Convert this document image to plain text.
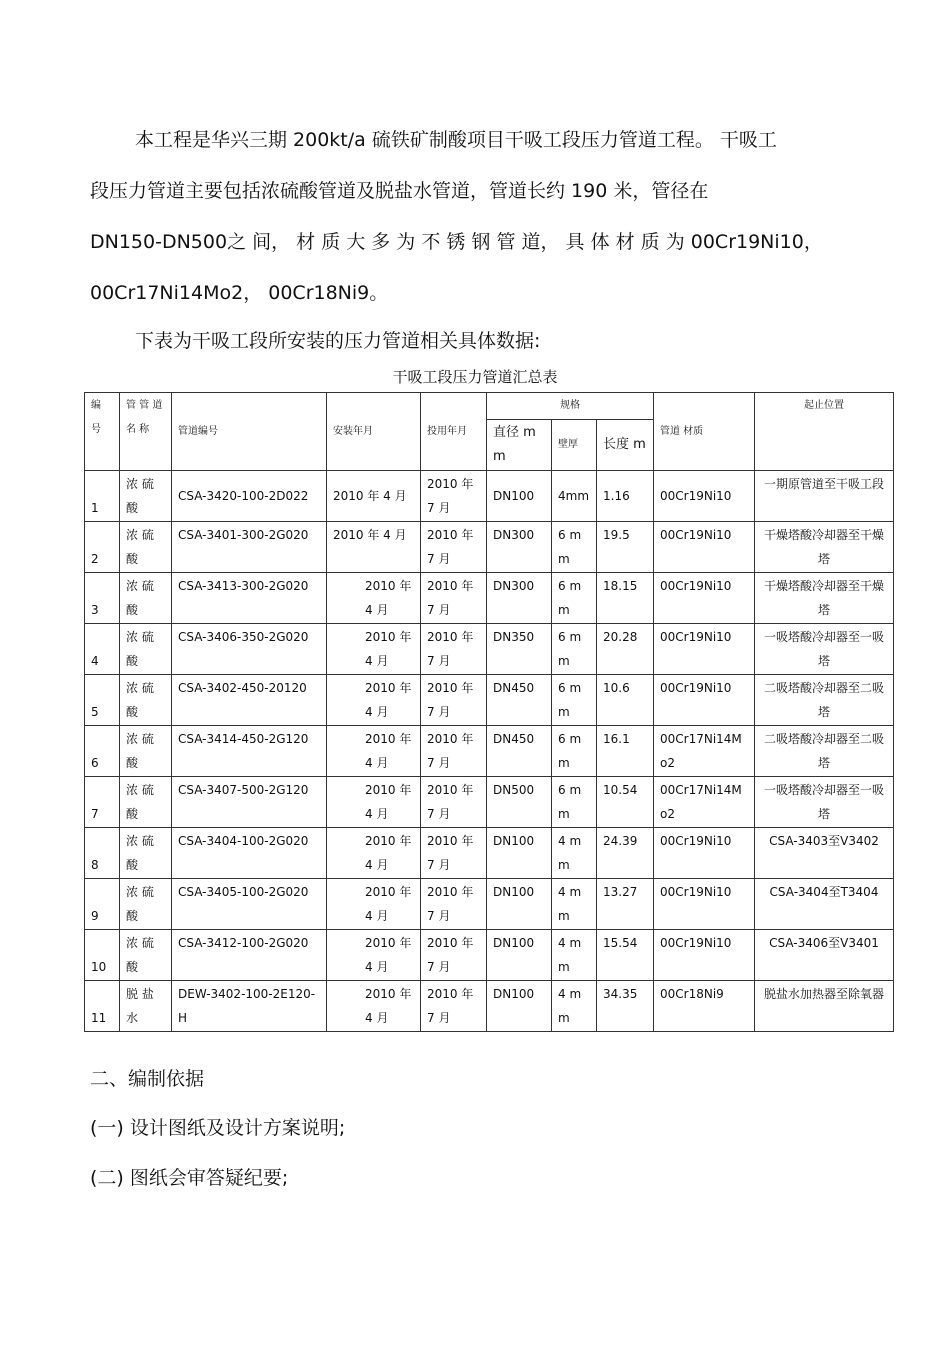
本工程是华兴三期 200kt/a 硫铁矿制酸项目干吸工段压力管道工程。 干吸工
段压力管道主要包括浓硫酸管道及脱盐水管道，管道长约 190 米，管径在
DN150-DN500之 间， 材 质 大 多 为 不 锈 钢 管 道， 具 体 材 质 为 00Cr19Ni10，
00Cr17Ni14Mo2， 00Cr18Ni9。

下表为干吸工段所安装的压力管道相关具体数据:

干吸工段压力管道汇总表

编 号	管 管 道 名 称	管道编号	安装年月	投用年月	规格			管道 材质	起止位置
					直径 mm	壁厚	长度 m		
1	浓 硫 酸	CSA-3420-100-2D022	2010 年 4 月	2010 年 7 月	DN100	4mm	1.16	00Cr19Ni10	一期原管道至干吸工段
2	浓 硫 酸	CSA-3401-300-2G020	2010 年 4 月	2010 年 7 月	DN300	6 mm	19.5	00Cr19Ni10	干燥塔酸冷却器至干燥塔
3	浓 硫 酸	CSA-3413-300-2G020	2010 年 4 月	2010 年 7 月	DN300	6 mm	18.15	00Cr19Ni10	干燥塔酸冷却器至干燥塔
4	浓 硫 酸	CSA-3406-350-2G020	2010 年 4 月	2010 年 7 月	DN350	6 mm	20.28	00Cr19Ni10	一吸塔酸冷却器至一吸塔
5	浓 硫 酸	CSA-3402-450-20120	2010 年 4 月	2010 年 7 月	DN450	6 mm	10.6	00Cr19Ni10	二吸塔酸冷却器至二吸塔
6	浓 硫 酸	CSA-3414-450-2G120	2010 年 4 月	2010 年 7 月	DN450	6 mm	16.1	00Cr17Ni14Mo2	二吸塔酸冷却器至二吸塔
7	浓 硫 酸	CSA-3407-500-2G120	2010 年 4 月	2010 年 7 月	DN500	6 mm	10.54	00Cr17Ni14Mo2	一吸塔酸冷却器至一吸塔
8	浓 硫 酸	CSA-3404-100-2G020	2010 年 4 月	2010 年 7 月	DN100	4 mm	24.39	00Cr19Ni10	CSA-3403至V3402
9	浓 硫 酸	CSA-3405-100-2G020	2010 年 4 月	2010 年 7 月	DN100	4 mm	13.27	00Cr19Ni10	CSA-3404至T3404
10	浓 硫 酸	CSA-3412-100-2G020	2010 年 4 月	2010 年 7 月	DN100	4 mm	15.54	00Cr19Ni10	CSA-3406至V3401
11	脱 盐 水	DEW-3402-100-2E120-H	2010 年 4 月	2010 年 7 月	DN100	4 mm	34.35	00Cr18Ni9	脱盐水加热器至除氧器

二、编制依据

(一) 设计图纸及设计方案说明;

(二) 图纸会审答疑纪要;
